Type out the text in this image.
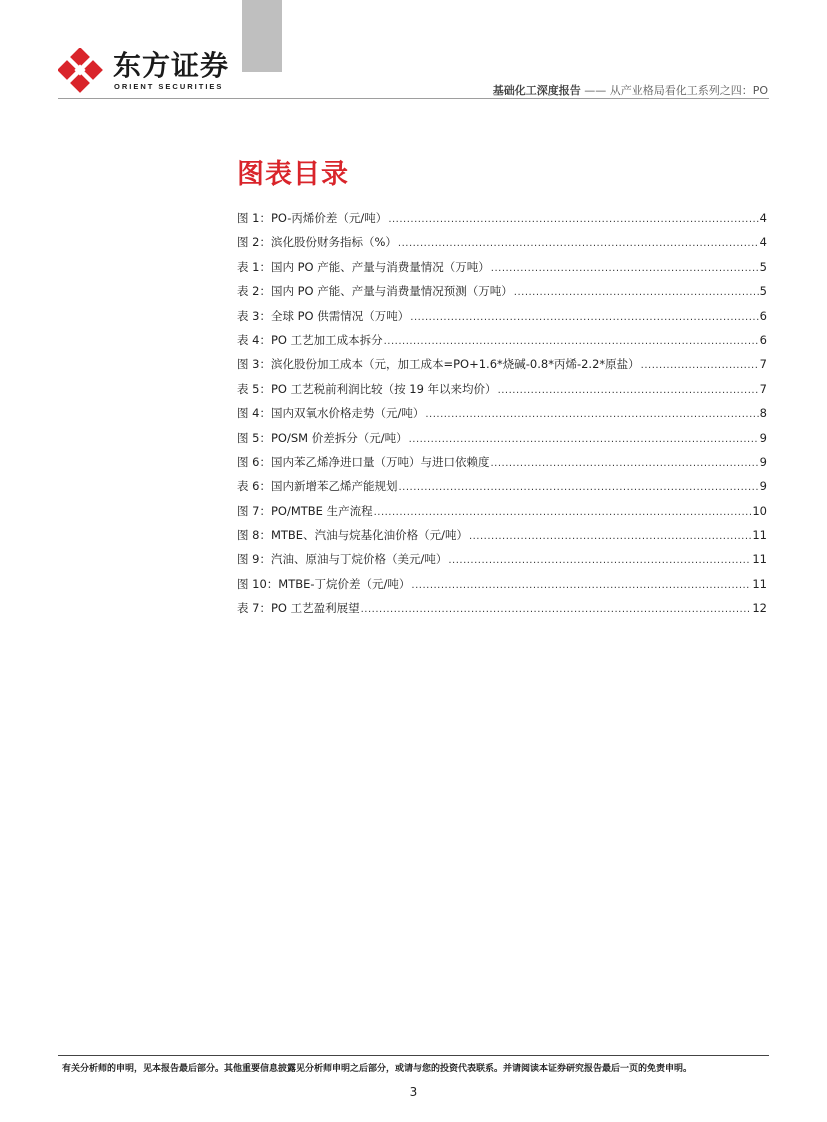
东方证券
ORIENT SECURITIES	基础化工深度报告 —— 从产业格局看化工系列之四：PO
图表目录
图 1：PO-丙烯价差（元/吨） .....	4
图 2：滨化股份财务指标（%） .....	4
表 1：国内 PO 产能、产量与消费量情况（万吨） .....	5
表 2：国内 PO 产能、产量与消费量情况预测（万吨） .....	5
表 3：全球 PO 供需情况（万吨） .....	6
表 4：PO 工艺加工成本拆分 .....	6
图 3：滨化股份加工成本（元，加工成本=PO+1.6*烧碱-0.8*丙烯-2.2*原盐） .....	7
表 5：PO 工艺税前利润比较（按 19 年以来均价） .....	7
图 4：国内双氧水价格走势（元/吨） .....	8
图 5：PO/SM 价差拆分（元/吨） .....	9
图 6：国内苯乙烯净进口量（万吨）与进口依赖度 .....	9
表 6：国内新增苯乙烯产能规划 .....	9
图 7：PO/MTBE 生产流程 .....	10
图 8：MTBE、汽油与烷基化油价格（元/吨） .....	11
图 9：汽油、原油与丁烷价格（美元/吨） .....	11
图 10：MTBE-丁烷价差（元/吨） .....	11
表 7：PO 工艺盈利展望 .....	12
有关分析师的申明，见本报告最后部分。其他重要信息披露见分析师申明之后部分，或请与您的投资代表联系。并请阅读本证券研究报告最后一页的免责申明。
3
